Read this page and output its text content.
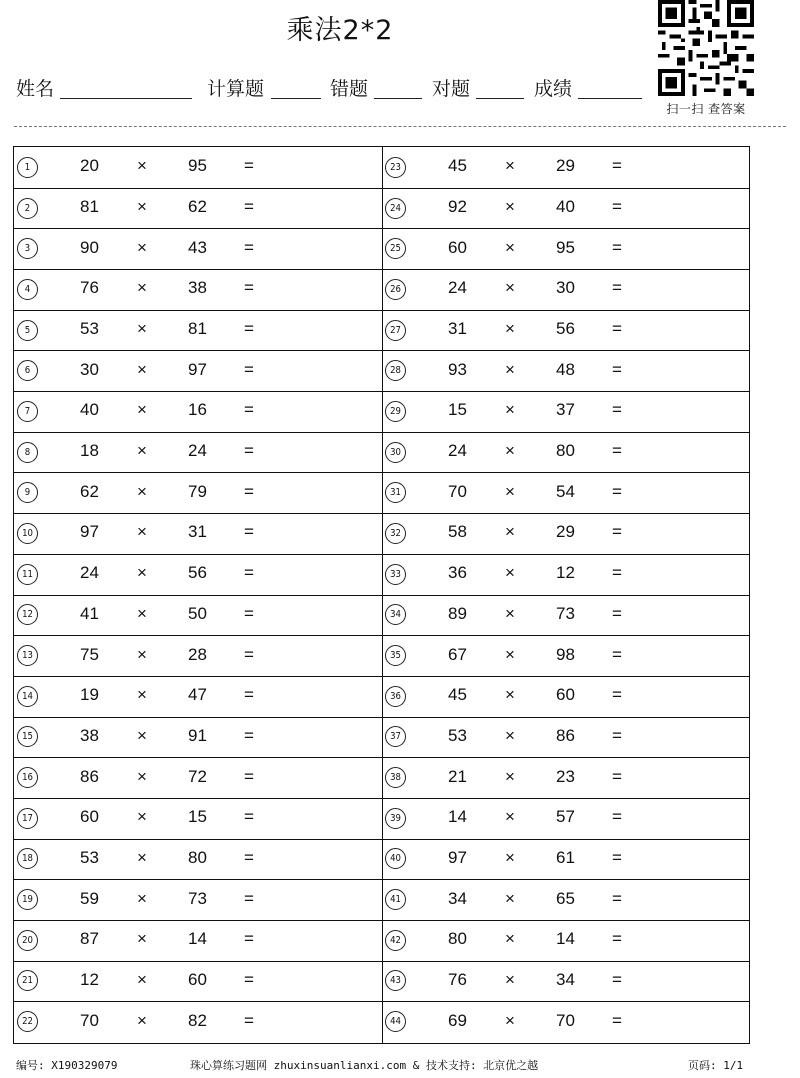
乘法2*2
姓名	计算题	错题	对题	成绩
扫一扫 查答案
1	20 × 95 =
2	81 × 62 =
3	90 × 43 =
4	76 × 38 =
5	53 × 81 =
6	30 × 97 =
7	40 × 16 =
8	18 × 24 =
9	62 × 79 =
10	97 × 31 =
11	24 × 56 =
12	41 × 50 =
13	75 × 28 =
14	19 × 47 =
15	38 × 91 =
16	86 × 72 =
17	60 × 15 =
18	53 × 80 =
19	59 × 73 =
20	87 × 14 =
21	12 × 60 =
22	70 × 82 =
23	45 × 29 =
24	92 × 40 =
25	60 × 95 =
26	24 × 30 =
27	31 × 56 =
28	93 × 48 =
29	15 × 37 =
30	24 × 80 =
31	70 × 54 =
32	58 × 29 =
33	36 × 12 =
34	89 × 73 =
35	67 × 98 =
36	45 × 60 =
37	53 × 86 =
38	21 × 23 =
39	14 × 57 =
40	97 × 61 =
41	34 × 65 =
42	80 × 14 =
43	76 × 34 =
44	69 × 70 =
编号: X190329079	珠心算练习题网 zhuxinsuanlianxi.com & 技术支持: 北京优之越	页码: 1/1
